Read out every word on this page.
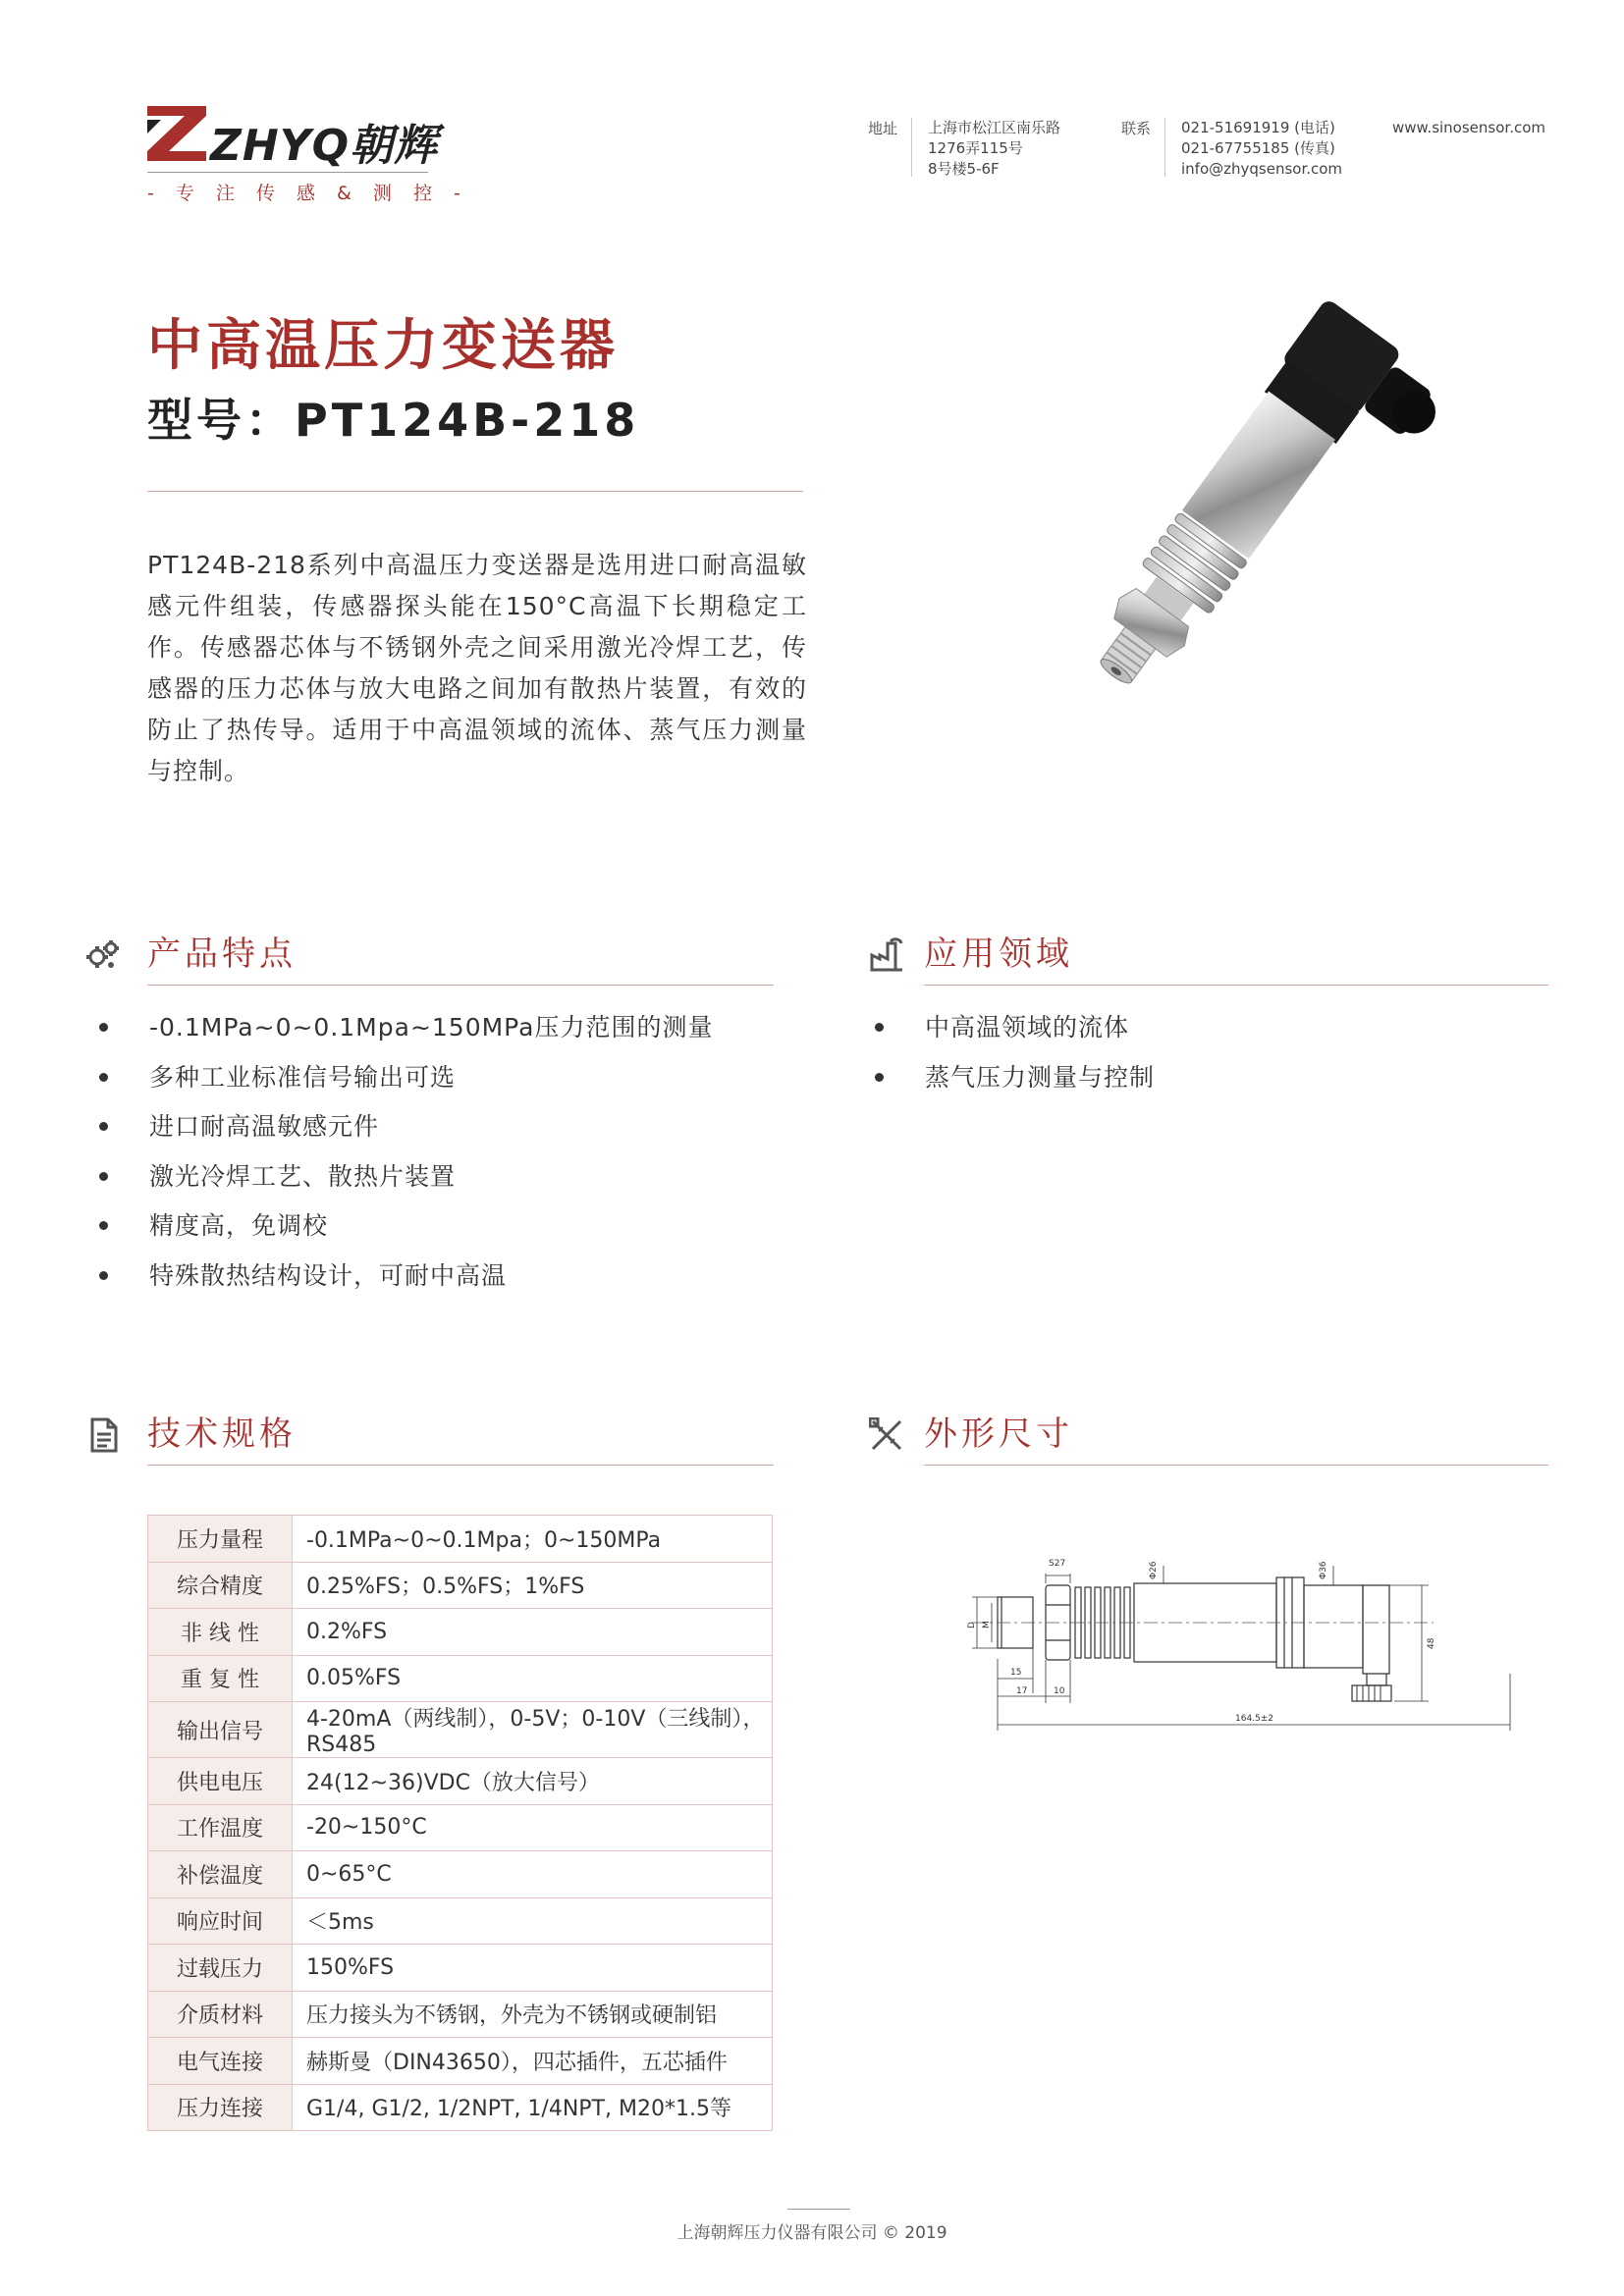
ZHYQ朝辉
- 专 注 传 感 & 测 控 -
地址 上海市松江区南乐路
1276弄115号
8号楼5-6F
联系 021-51691919 (电话)
021-67755185 (传真)
info@zhyqsensor.com
www.sinosensor.com
中高温压力变送器
型号：PT124B-218
PT124B-218系列中高温压力变送器是选用进口耐高温敏感元件组装，传感器探头能在150°C高温下长期稳定工作。传感器芯体与不锈钢外壳之间采用激光冷焊工艺，传感器的压力芯体与放大电路之间加有散热片装置，有效的防止了热传导。适用于中高温领域的流体、蒸气压力测量与控制。
产品特点
-0.1MPa~0~0.1Mpa~150MPa压力范围的测量
多种工业标准信号输出可选
进口耐高温敏感元件
激光冷焊工艺、散热片装置
精度高，免调校
特殊散热结构设计，可耐中高温
应用领域
中高温领域的流体
蒸气压力测量与控制
技术规格
压力量程	-0.1MPa~0~0.1Mpa；0~150MPa
综合精度	0.25%FS；0.5%FS；1%FS
非 线 性	0.2%FS
重 复 性	0.05%FS
输出信号	4-20mA（两线制），0-5V；0-10V（三线制），RS485
供电电压	24(12~36)VDC（放大信号）
工作温度	-20~150°C
补偿温度	0~65°C
响应时间	＜5ms
过载压力	150%FS
介质材料	压力接头为不锈钢，外壳为不锈钢或硬制铝
电气连接	赫斯曼（DIN43650），四芯插件，五芯插件
压力连接	G1/4, G1/2, 1/2NPT, 1/4NPT, M20*1.5等
外形尺寸
S27	Φ26	Φ36
D M
15
17	10
48
164.5±2
上海朝辉压力仪器有限公司 © 2019
